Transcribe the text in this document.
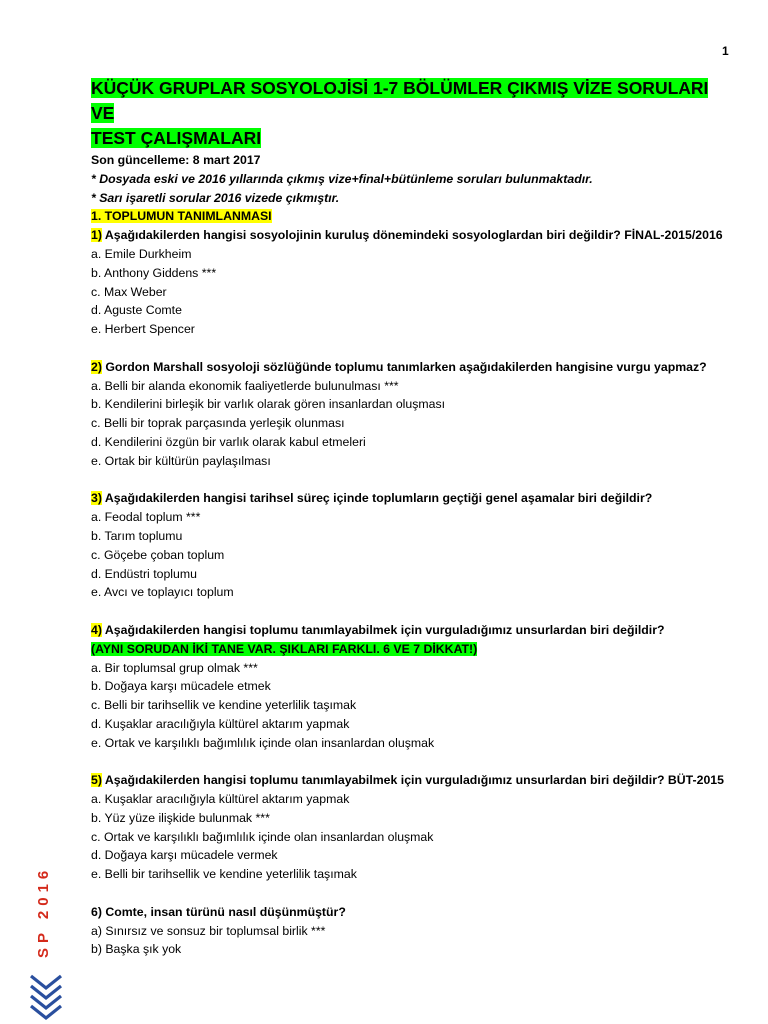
1

KÜÇÜK GRUPLAR SOSYOLOJİSİ 1-7 BÖLÜMLER ÇIKMIŞ VİZE SORULARI VE

TEST ÇALIŞMALARI

Son güncelleme: 8 mart 2017
* Dosyada eski ve 2016 yıllarında çıkmış vize+final+bütünleme soruları bulunmaktadır.
* Sarı işaretli sorular 2016 vizede çıkmıştır.
1. TOPLUMUN TANIMLANMASI
1) Aşağıdakilerden hangisi sosyolojinin kuruluş dönemindeki sosyologlardan biri değildir? FİNAL-2015/2016
a. Emile Durkheim
b. Anthony Giddens ***
c. Max Weber
d. Aguste Comte
e. Herbert Spencer
2) Gordon Marshall sosyoloji sözlüğünde toplumu tanımlarken aşağıdakilerden hangisine vurgu yapmaz?
a. Belli bir alanda ekonomik faaliyetlerde bulunulması ***
b. Kendilerini birleşik bir varlık olarak gören insanlardan oluşması
c. Belli bir toprak parçasında yerleşik olunması
d. Kendilerini özgün bir varlık olarak kabul etmeleri
e. Ortak bir kültürün paylaşılması
3) Aşağıdakilerden hangisi tarihsel süreç içinde toplumların geçtiği genel aşamalar biri değildir?
a. Feodal toplum ***
b. Tarım toplumu
c. Göçebe çoban toplum
d. Endüstri toplumu
e. Avcı ve toplayıcı toplum
4) Aşağıdakilerden hangisi toplumu tanımlayabilmek için vurguladığımız unsurlardan biri değildir?
(AYNI SORUDAN İKİ TANE VAR. ŞIKLARI FARKLI. 6 VE 7 DİKKAT!)
a. Bir toplumsal grup olmak ***
b. Doğaya karşı mücadele etmek
c. Belli bir tarihsellik ve kendine yeterlilik taşımak
d. Kuşaklar aracılığıyla kültürel aktarım yapmak
e. Ortak ve karşılıklı bağımlılık içinde olan insanlardan oluşmak
5) Aşağıdakilerden hangisi toplumu tanımlayabilmek için vurguladığımız unsurlardan biri değildir? BÜT-2015
a. Kuşaklar aracılığıyla kültürel aktarım yapmak
b. Yüz yüze ilişkide bulunmak ***
c. Ortak ve karşılıklı bağımlılık içinde olan insanlardan oluşmak
d. Doğaya karşı mücadele vermek
e. Belli bir tarihsellik ve kendine yeterlilik taşımak
6) Comte, insan türünü nasıl düşünmüştür?
a) Sınırsız ve sonsuz bir toplumsal birlik ***
b) Başka şık yok
SP 2016
